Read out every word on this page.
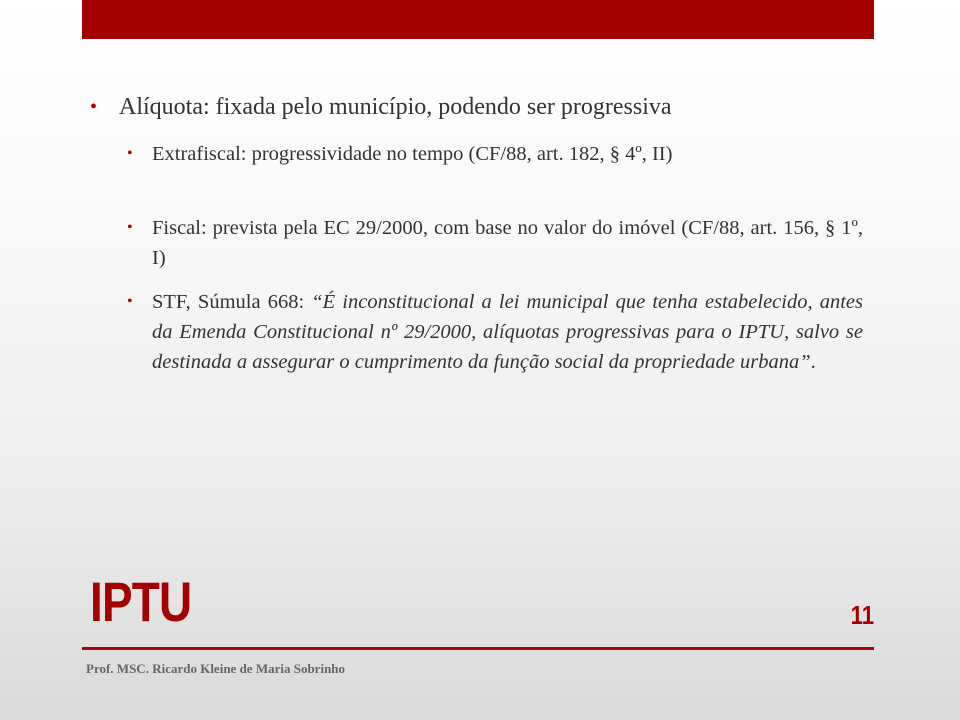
• Alíquota: fixada pelo município, podendo ser progressiva
• Extrafiscal: progressividade no tempo (CF/88, art. 182, § 4º, II)
• Fiscal: prevista pela EC 29/2000, com base no valor do imóvel (CF/88, art. 156, § 1º, I)
• STF, Súmula 668: “É inconstitucional a lei municipal que tenha estabelecido, antes da Emenda Constitucional nº 29/2000, alíquotas progressivas para o IPTU, salvo se destinada a assegurar o cumprimento da função social da propriedade urbana”.
IPTU	11
Prof. MSC. Ricardo Kleine de Maria Sobrinho
